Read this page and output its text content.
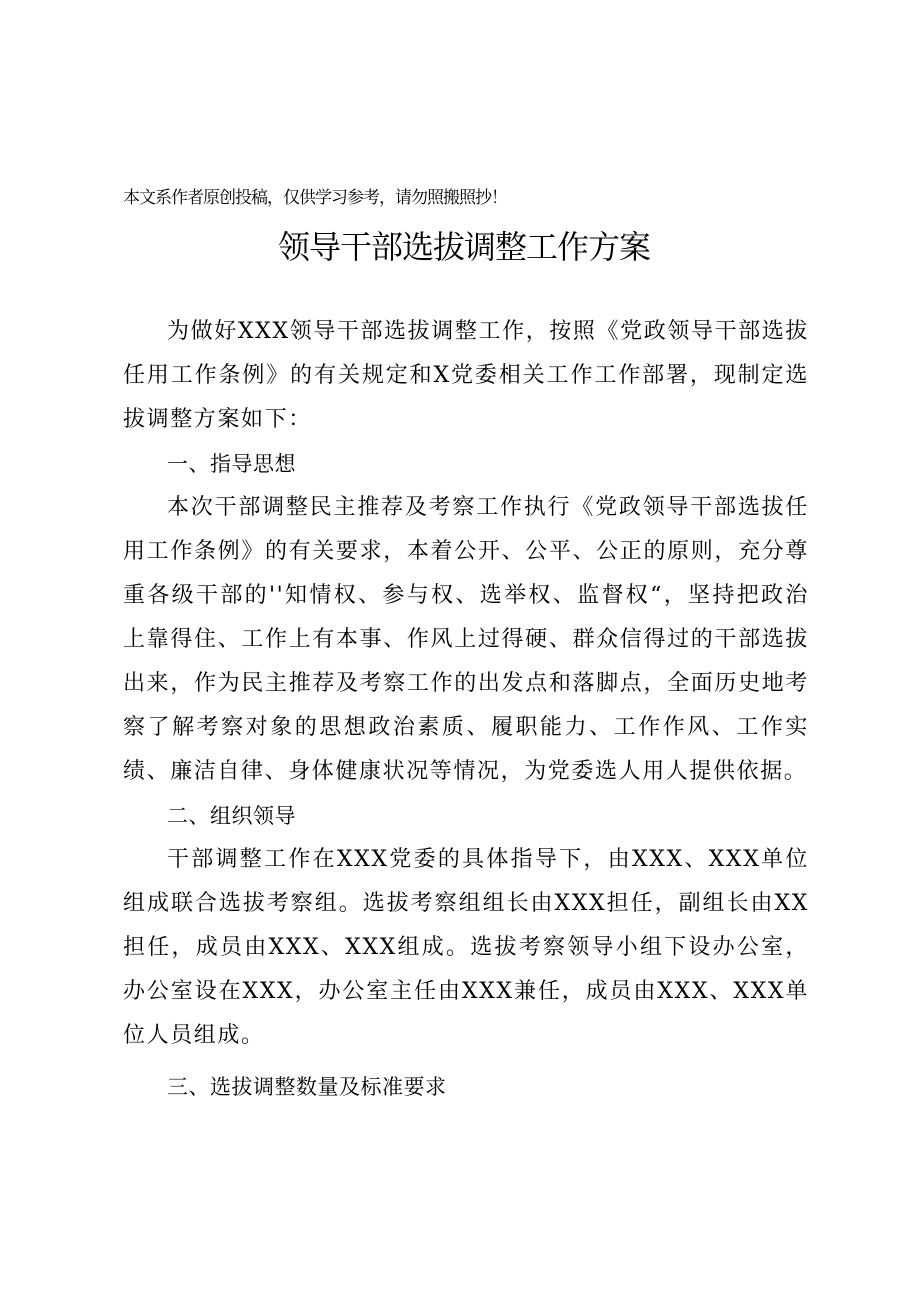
本文系作者原创投稿，仅供学习参考，请勿照搬照抄！
领导干部选拔调整工作方案

为做好XXX领导干部选拔调整工作，按照《党政领导干部选拔任用工作条例》的有关规定和X党委相关工作工作部署，现制定选拔调整方案如下：

一、指导思想

本次干部调整民主推荐及考察工作执行《党政领导干部选拔任用工作条例》的有关要求，本着公开、公平、公正的原则，充分尊重各级干部的''知情权、参与权、选举权、监督权“，坚持把政治上靠得住、工作上有本事、作风上过得硬、群众信得过的干部选拔出来，作为民主推荐及考察工作的出发点和落脚点，全面历史地考察了解考察对象的思想政治素质、履职能力、工作作风、工作实绩、廉洁自律、身体健康状况等情况，为党委选人用人提供依据。

二、组织领导

干部调整工作在XXX党委的具体指导下，由XXX、XXX单位组成联合选拔考察组。选拔考察组组长由XXX担任，副组长由XX担任，成员由XXX、XXX组成。选拔考察领导小组下设办公室，办公室设在XXX，办公室主任由XXX兼任，成员由XXX、XXX单位人员组成。

三、选拔调整数量及标准要求
